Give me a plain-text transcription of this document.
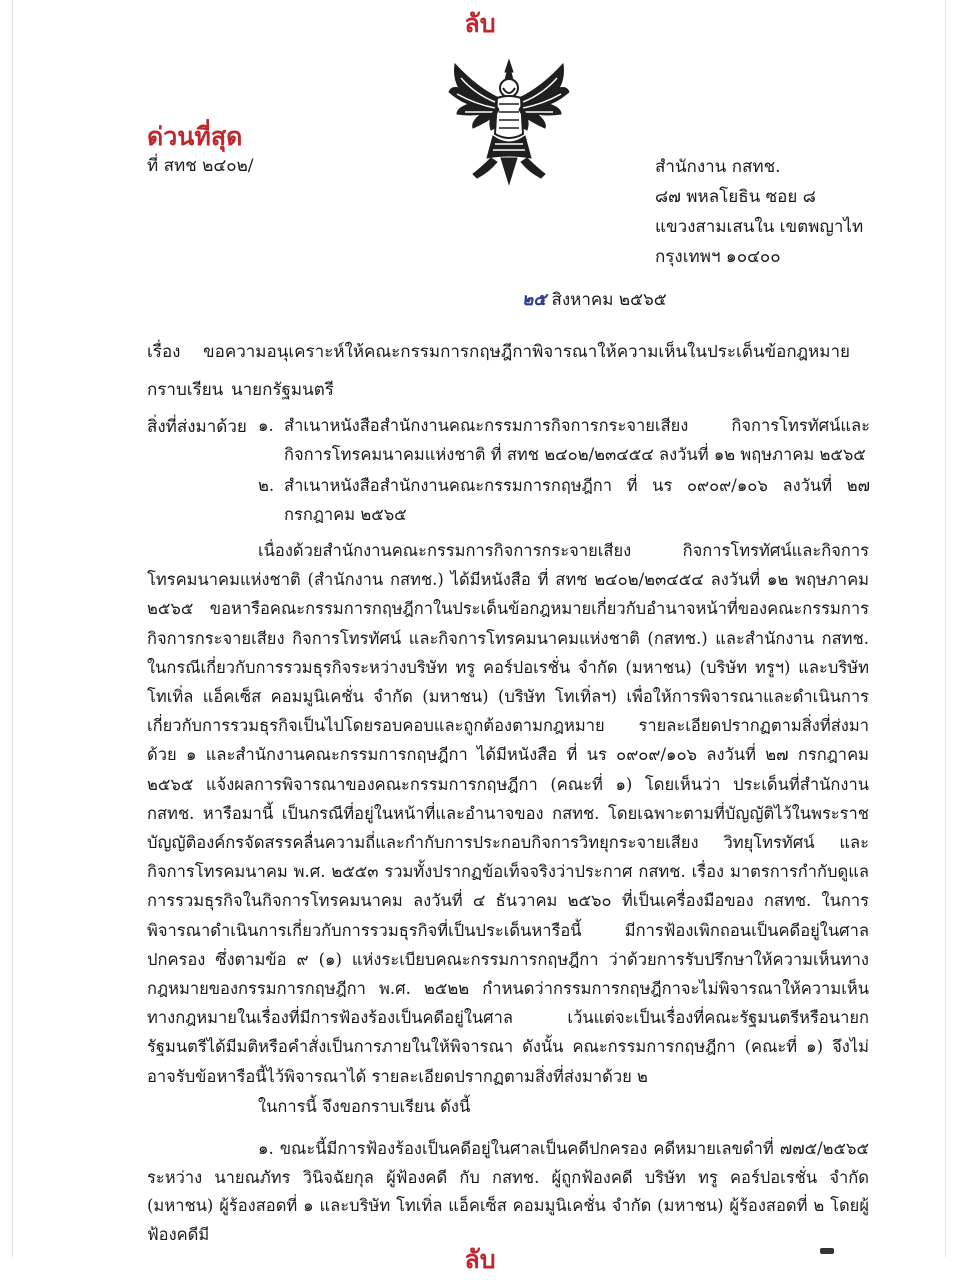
ลับ
ด่วนที่สุด
ที่ สทช ๒๔๐๒/	สำนักงาน กสทช.
๘๗ พหลโยธิน ซอย ๘
แขวงสามเสนใน เขตพญาไท
กรุงเทพฯ ๑๐๔๐๐
๒๕ สิงหาคม ๒๕๖๕
เรื่อง ขอความอนุเคราะห์ให้คณะกรรมการกฤษฎีกาพิจารณาให้ความเห็นในประเด็นข้อกฎหมาย
กราบเรียน นายกรัฐมนตรี
สิ่งที่ส่งมาด้วย ๑. สำเนาหนังสือสำนักงานคณะกรรมการกิจการกระจายเสียง กิจการโทรทัศน์และกิจการโทรคมนาคมแห่งชาติ ที่ สทช ๒๔๐๒/๒๓๔๕๔ ลงวันที่ ๑๒ พฤษภาคม ๒๕๖๕
๒. สำเนาหนังสือสำนักงานคณะกรรมการกฤษฎีกา ที่ นร ๐๙๐๙/๑๐๖ ลงวันที่ ๒๗ กรกฎาคม ๒๕๖๕
เนื่องด้วยสำนักงานคณะกรรมการกิจการกระจายเสียง กิจการโทรทัศน์และกิจการโทรคมนาคมแห่งชาติ (สำนักงาน กสทช.) ได้มีหนังสือ ที่ สทช ๒๔๐๒/๒๓๔๕๔ ลงวันที่ ๑๒ พฤษภาคม ๒๕๖๕ ขอหารือคณะกรรมการกฤษฎีกาในประเด็นข้อกฎหมายเกี่ยวกับอำนาจหน้าที่ของคณะกรรมการกิจการกระจายเสียง กิจการโทรทัศน์ และกิจการโทรคมนาคมแห่งชาติ (กสทช.) และสำนักงาน กสทช. ในกรณีเกี่ยวกับการรวมธุรกิจระหว่างบริษัท ทรู คอร์ปอเรชั่น จำกัด (มหาชน) (บริษัท ทรูฯ) และบริษัท โทเทิ่ล แอ็คเซ็ส คอมมูนิเคชั่น จำกัด (มหาชน) (บริษัท โทเทิ่ลฯ) เพื่อให้การพิจารณาและดำเนินการเกี่ยวกับการรวมธุรกิจเป็นไปโดยรอบคอบและถูกต้องตามกฎหมาย รายละเอียดปรากฏตามสิ่งที่ส่งมาด้วย ๑ และสำนักงานคณะกรรมการกฤษฎีกา ได้มีหนังสือ ที่ นร ๐๙๐๙/๑๐๖ ลงวันที่ ๒๗ กรกฎาคม ๒๕๖๕ แจ้งผลการพิจารณาของคณะกรรมการกฤษฎีกา (คณะที่ ๑) โดยเห็นว่า ประเด็นที่สำนักงาน กสทช. หารือมานี้ เป็นกรณีที่อยู่ในหน้าที่และอำนาจของ กสทช. โดยเฉพาะตามที่บัญญัติไว้ในพระราชบัญญัติองค์กรจัดสรรคลื่นความถี่และกำกับการประกอบกิจการวิทยุกระจายเสียง วิทยุโทรทัศน์ และกิจการโทรคมนาคม พ.ศ. ๒๕๕๓ รวมทั้งปรากฏข้อเท็จจริงว่าประกาศ กสทช. เรื่อง มาตรการกำกับดูแลการรวมธุรกิจในกิจการโทรคมนาคม ลงวันที่ ๔ ธันวาคม ๒๕๖๐ ที่เป็นเครื่องมือของ กสทช. ในการพิจารณาดำเนินการเกี่ยวกับการรวมธุรกิจที่เป็นประเด็นหารือนี้ มีการฟ้องเพิกถอนเป็นคดีอยู่ในศาลปกครอง ซึ่งตามข้อ ๙ (๑) แห่งระเบียบคณะกรรมการกฤษฎีกา ว่าด้วยการรับปรึกษาให้ความเห็นทางกฎหมายของกรรมการกฤษฎีกา พ.ศ. ๒๕๒๒ กำหนดว่ากรรมการกฤษฎีกาจะไม่พิจารณาให้ความเห็นทางกฎหมายในเรื่องที่มีการฟ้องร้องเป็นคดีอยู่ในศาล เว้นแต่จะเป็นเรื่องที่คณะรัฐมนตรีหรือนายกรัฐมนตรีได้มีมติหรือคำสั่งเป็นการภายในให้พิจารณา ดังนั้น คณะกรรมการกฤษฎีกา (คณะที่ ๑) จึงไม่อาจรับข้อหารือนี้ไว้พิจารณาได้ รายละเอียดปรากฏตามสิ่งที่ส่งมาด้วย ๒
ในการนี้ จึงขอกราบเรียน ดังนี้
๑. ขณะนี้มีการฟ้องร้องเป็นคดีอยู่ในศาลเป็นคดีปกครอง คดีหมายเลขดำที่ ๗๗๕/๒๕๖๕ ระหว่าง นายณภัทร วินิจฉัยกุล ผู้ฟ้องคดี กับ กสทช. ผู้ถูกฟ้องคดี บริษัท ทรู คอร์ปอเรชั่น จำกัด (มหาชน) ผู้ร้องสอดที่ ๑ และบริษัท โทเทิ่ล แอ็คเซ็ส คอมมูนิเคชั่น จำกัด (มหาชน) ผู้ร้องสอดที่ ๒ โดยผู้ฟ้องคดีมี
ลับ
